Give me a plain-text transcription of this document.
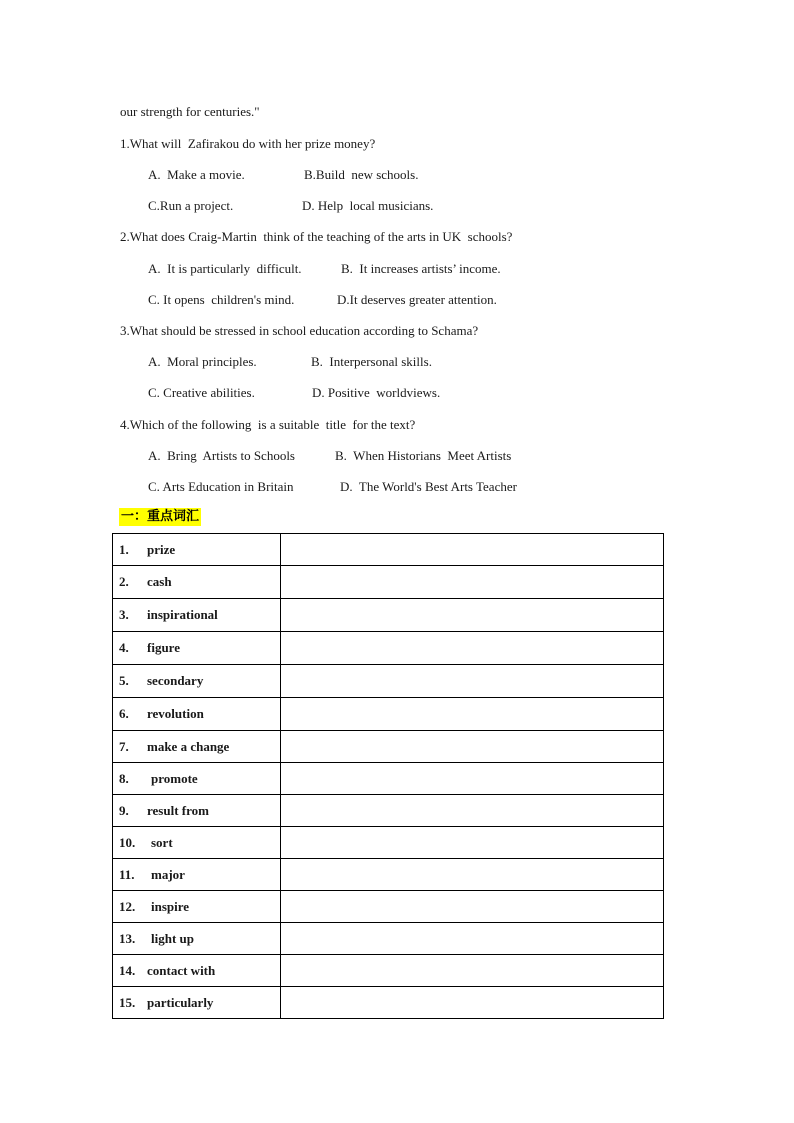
our strength for centuries."
1.What will  Zafirakou do with her prize money?
A.  Make a movie.	B.Build  new schools.
C.Run a project.	D. Help  local musicians.
2.What does Craig-Martin  think of the teaching of the arts in UK  schools?
A.  It is particularly  difficult.	B.  It increases artists’ income.
C. It opens  children's mind.	D.It deserves greater attention.
3.What should be stressed in school education according to Schama?
A.  Moral principles.	B.  Interpersonal skills.
C. Creative abilities.	D. Positive  worldviews.
4.Which of the following  is a suitable  title  for the text?
A.  Bring  Artists to Schools	B.  When Historians  Meet Artists
C. Arts Education in Britain	D.  The World's Best Arts Teacher
一：重点词汇
1. prize	
2. cash	
3. inspirational	
4. figure	
5. secondary	
6. revolution	
7. make a change	
8. promote	
9. result from	
10. sort	
11. major	
12. inspire	
13. light up	
14. contact with	
15. particularly	
